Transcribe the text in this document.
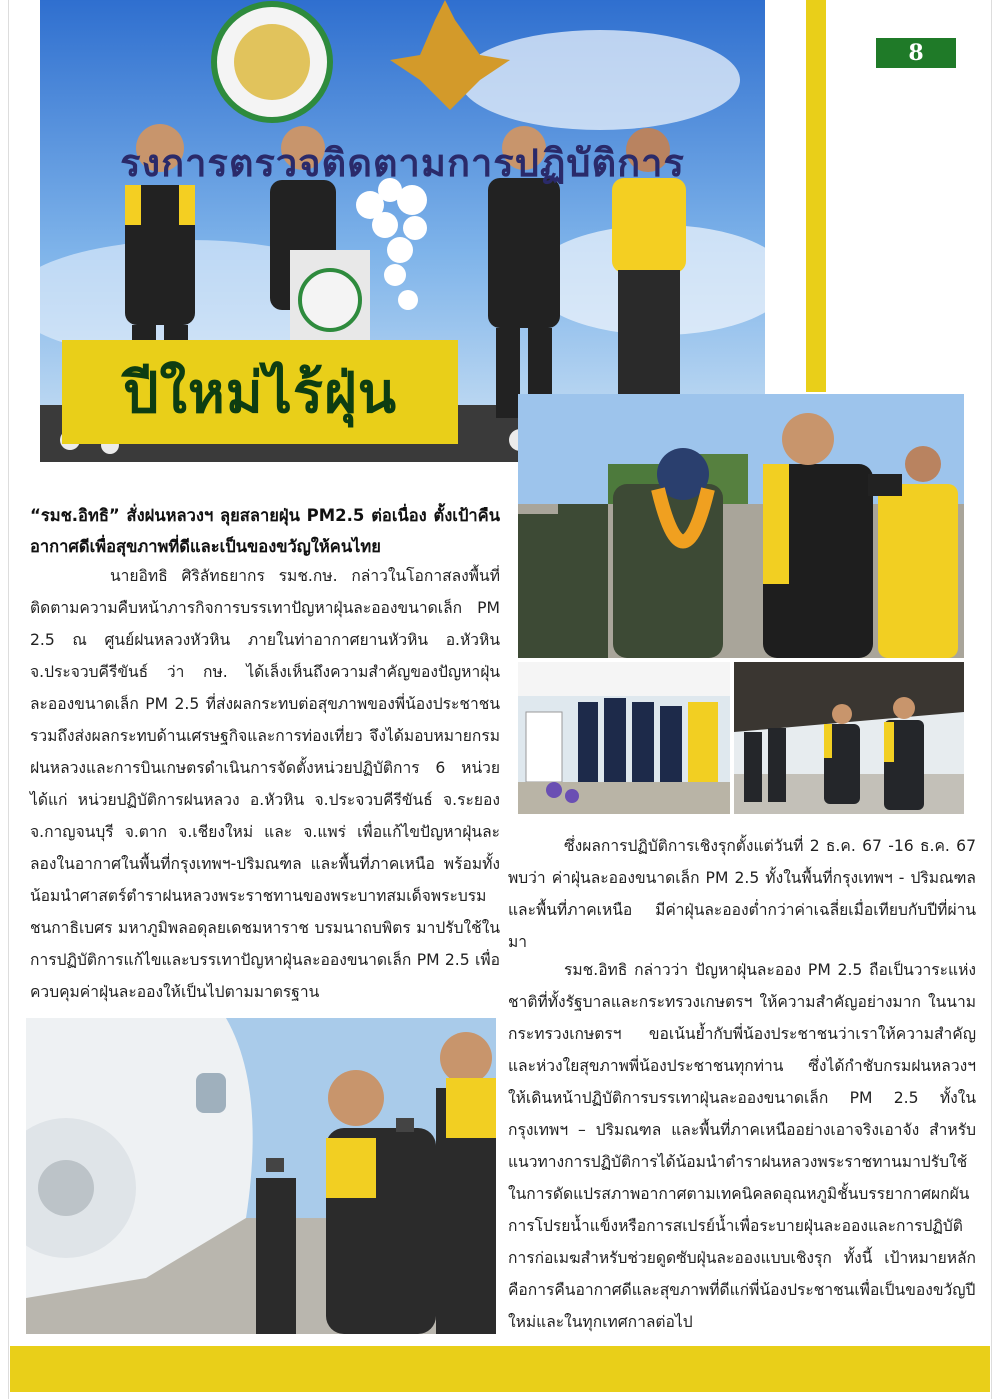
8
รงการตรวจติดตามการปฏิบัติการ
ปีใหม่ไร้ฝุ่น
“รมช.อิทธิ” สั่งฝนหลวงฯ ลุยสลายฝุ่น PM2.5 ต่อเนื่อง ตั้งเป้าคืนอากาศดีเพื่อสุขภาพที่ดีและเป็นของขวัญให้คนไทย
นายอิทธิ ศิริลัทธยากร รมช.กษ. กล่าวในโอกาสลงพื้นที่ติดตามความคืบหน้าภารกิจการบรรเทาปัญหาฝุ่นละอองขนาดเล็ก PM 2.5 ณ ศูนย์ฝนหลวงหัวหิน ภายในท่าอากาศยานหัวหิน อ.หัวหิน จ.ประจวบคีรีขันธ์ ว่า กษ. ได้เล็งเห็นถึงความสำคัญของปัญหาฝุ่นละอองขนาดเล็ก PM 2.5 ที่ส่งผลกระทบต่อสุขภาพของพี่น้องประชาชน รวมถึงส่งผลกระทบด้านเศรษฐกิจและการท่องเที่ยว จึงได้มอบหมายกรมฝนหลวงและการบินเกษตรดำเนินการจัดตั้งหน่วยปฏิบัติการ 6 หน่วย ได้แก่ หน่วยปฏิบัติการฝนหลวง อ.หัวหิน จ.ประจวบคีรีขันธ์ จ.ระยอง จ.กาญจนบุรี จ.ตาก จ.เชียงใหม่ และ จ.แพร่ เพื่อแก้ไขปัญหาฝุ่นละลองในอากาศในพื้นที่กรุงเทพฯ-ปริมณฑล และพื้นที่ภาคเหนือ พร้อมทั้งน้อมนำศาสตร์ตำราฝนหลวงพระราชทานของพระบาทสมเด็จพระบรมชนกาธิเบศร มหาภูมิพลอดุลยเดชมหาราช บรมนาถบพิตร มาปรับใช้ในการปฏิบัติการแก้ไขและบรรเทาปัญหาฝุ่นละอองขนาดเล็ก PM 2.5 เพื่อควบคุมค่าฝุ่นละอองให้เป็นไปตามมาตรฐาน
ซึ่งผลการปฏิบัติการเชิงรุกตั้งแต่วันที่ 2 ธ.ค. 67 -16 ธ.ค. 67 พบว่า ค่าฝุ่นละอองขนาดเล็ก PM 2.5 ทั้งในพื้นที่กรุงเทพฯ - ปริมณฑล และพื้นที่ภาคเหนือ มีค่าฝุ่นละอองต่ำกว่าค่าเฉลี่ยเมื่อเทียบกับปีที่ผ่านมา
รมช.อิทธิ กล่าวว่า ปัญหาฝุ่นละออง PM 2.5 ถือเป็นวาระแห่งชาติที่ทั้งรัฐบาลและกระทรวงเกษตรฯ ให้ความสำคัญอย่างมาก ในนามกระทรวงเกษตรฯ ขอเน้นย้ำกับพี่น้องประชาชนว่าเราให้ความสำคัญและห่วงใยสุขภาพพี่น้องประชาชนทุกท่าน ซึ่งได้กำชับกรมฝนหลวงฯ ให้เดินหน้าปฏิบัติการบรรเทาฝุ่นละอองขนาดเล็ก PM 2.5 ทั้งในกรุงเทพฯ – ปริมณฑล และพื้นที่ภาคเหนืออย่างเอาจริงเอาจัง สำหรับแนวทางการปฏิบัติการได้น้อมนำตำราฝนหลวงพระราชทานมาปรับใช้ในการดัดแปรสภาพอากาศตามเทคนิคลดอุณหภูมิชั้นบรรยากาศผกผัน การโปรยน้ำแข็งหรือการสเปรย์น้ำเพื่อระบายฝุ่นละอองและการปฏิบัติการก่อเมฆสำหรับช่วยดูดซับฝุ่นละอองแบบเชิงรุก ทั้งนี้ เป้าหมายหลักคือการคืนอากาศดีและสุขภาพที่ดีแก่พี่น้องประชาชนเพื่อเป็นของขวัญปีใหม่และในทุกเทศกาลต่อไป
